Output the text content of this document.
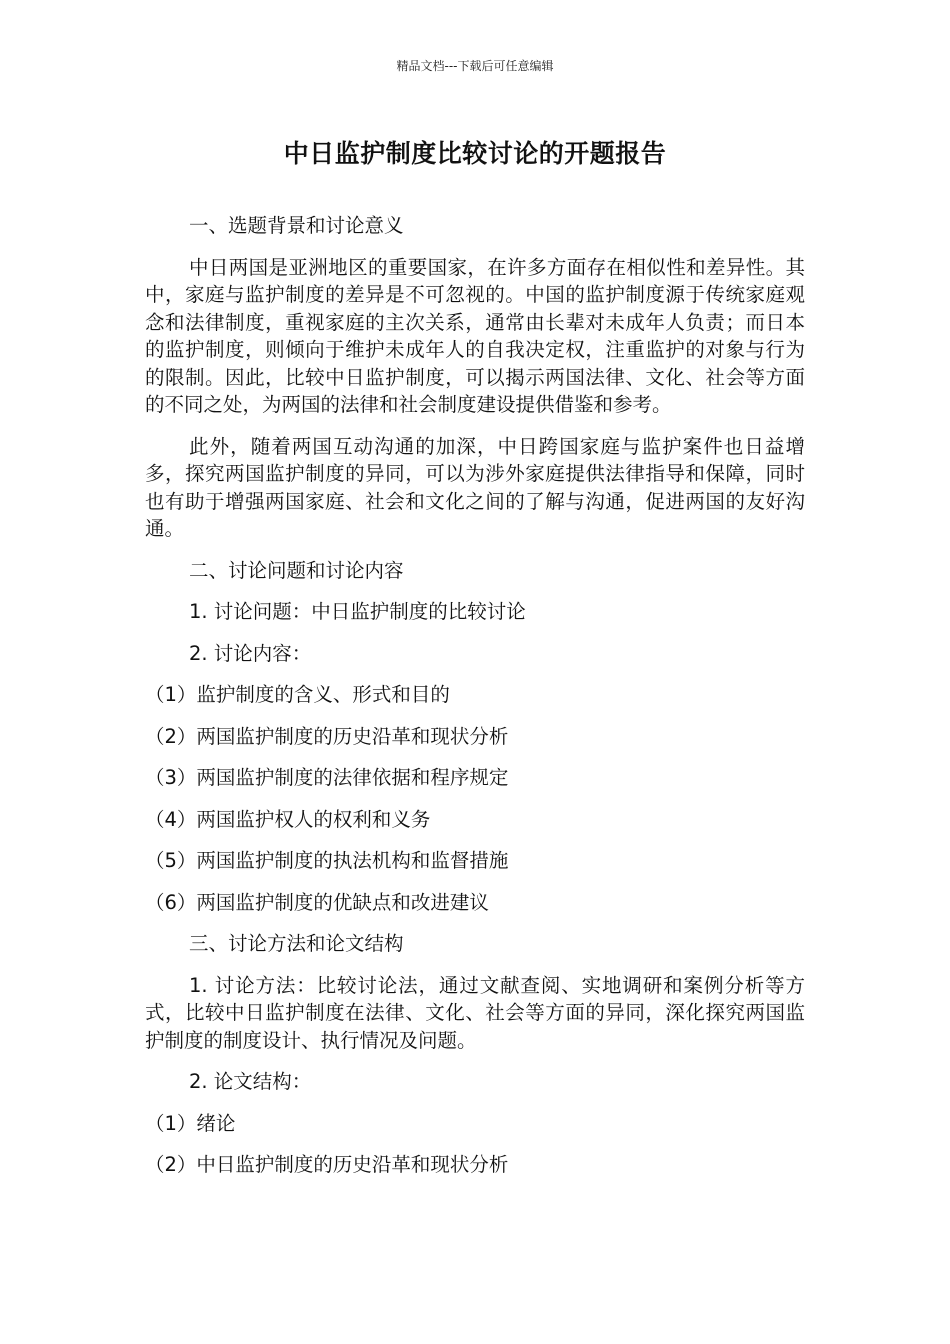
精品文档---下载后可任意编辑
中日监护制度比较讨论的开题报告

一、选题背景和讨论意义

中日两国是亚洲地区的重要国家，在许多方面存在相似性和差异性。其中，家庭与监护制度的差异是不可忽视的。中国的监护制度源于传统家庭观念和法律制度，重视家庭的主次关系，通常由长辈对未成年人负责；而日本的监护制度，则倾向于维护未成年人的自我决定权，注重监护的对象与行为的限制。因此，比较中日监护制度，可以揭示两国法律、文化、社会等方面的不同之处，为两国的法律和社会制度建设提供借鉴和参考。

此外，随着两国互动沟通的加深，中日跨国家庭与监护案件也日益增多，探究两国监护制度的异同，可以为涉外家庭提供法律指导和保障，同时也有助于增强两国家庭、社会和文化之间的了解与沟通，促进两国的友好沟通。

二、讨论问题和讨论内容

1. 讨论问题：中日监护制度的比较讨论

2. 讨论内容：

（1）监护制度的含义、形式和目的

（2）两国监护制度的历史沿革和现状分析

（3）两国监护制度的法律依据和程序规定

（4）两国监护权人的权利和义务

（5）两国监护制度的执法机构和监督措施

（6）两国监护制度的优缺点和改进建议

三、讨论方法和论文结构

1. 讨论方法：比较讨论法，通过文献查阅、实地调研和案例分析等方式，比较中日监护制度在法律、文化、社会等方面的异同，深化探究两国监护制度的制度设计、执行情况及问题。

2. 论文结构：

（1）绪论

（2）中日监护制度的历史沿革和现状分析
